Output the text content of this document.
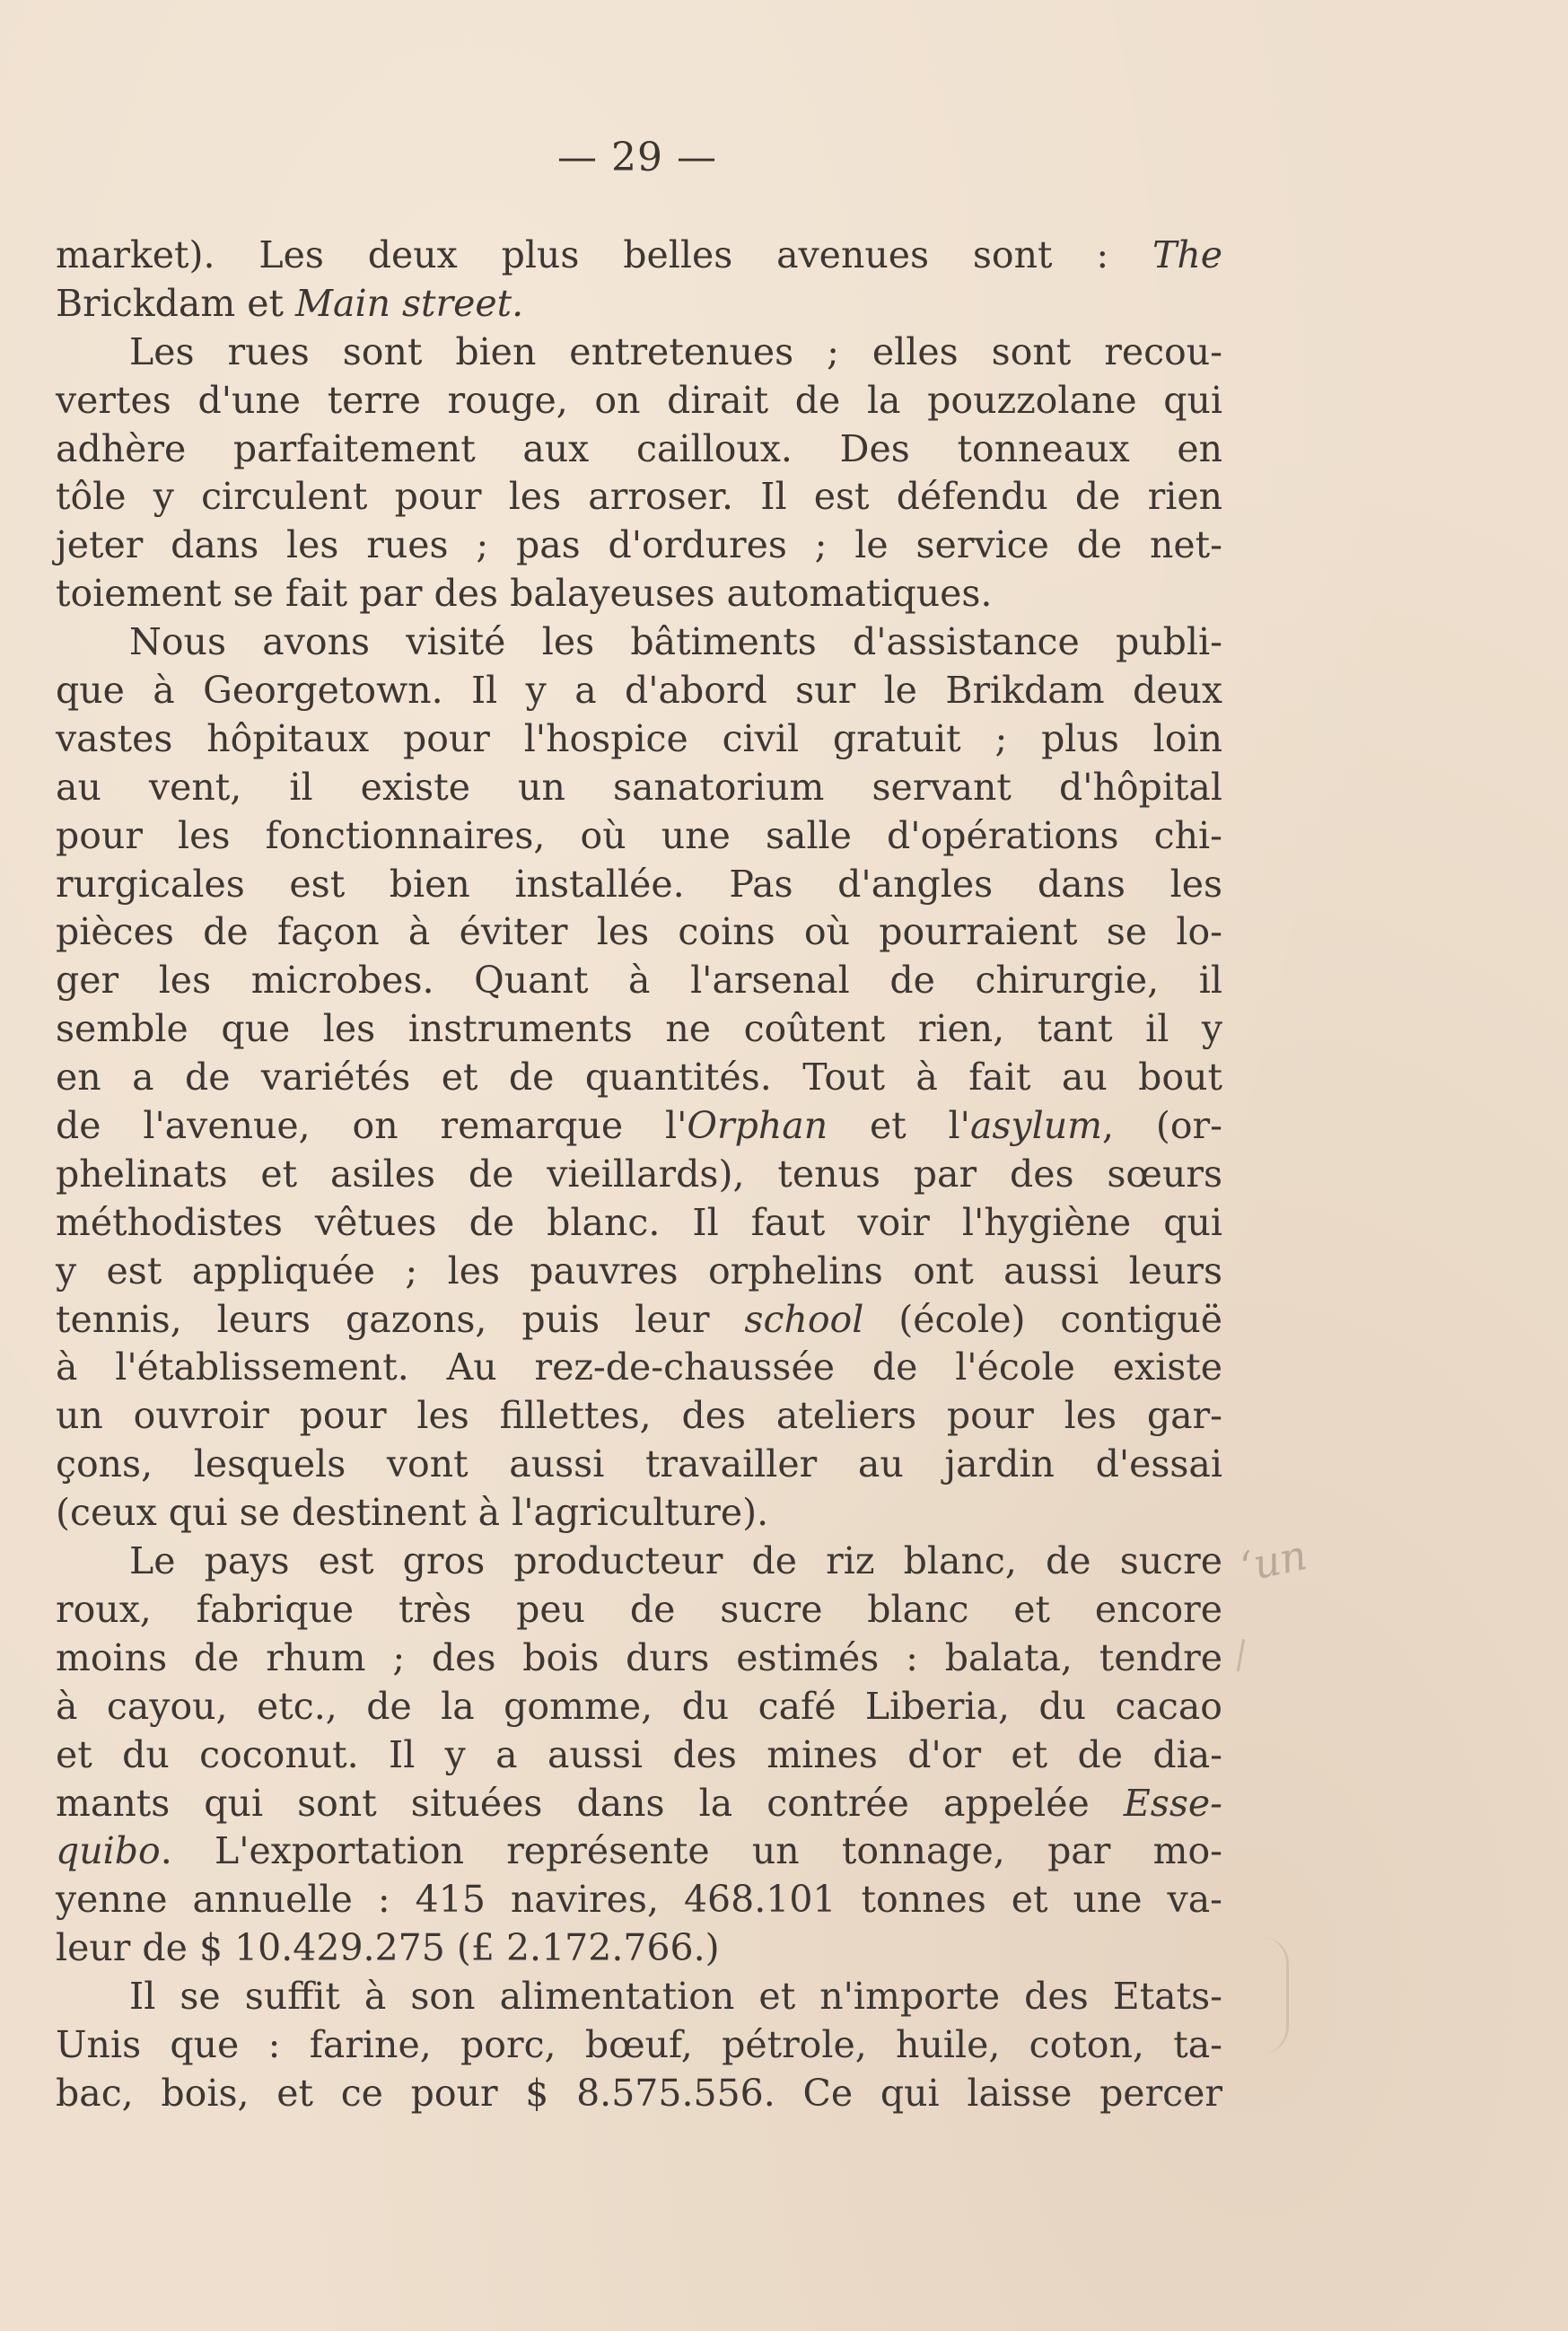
— 29 —
market). Les deux plus belles avenues sont : The
Brickdam et Main street.
  Les rues sont bien entretenues ; elles sont recou-
vertes d'une terre rouge, on dirait de la pouzzolane qui
adhère parfaitement aux cailloux. Des tonneaux en
tôle y circulent pour les arroser. Il est défendu de rien
jeter dans les rues ; pas d'ordures ; le service de net-
toiement se fait par des balayeuses automatiques.
  Nous avons visité les bâtiments d'assistance publi-
que à Georgetown. Il y a d'abord sur le Brikdam deux
vastes hôpitaux pour l'hospice civil gratuit ; plus loin
au vent, il existe un sanatorium servant d'hôpital
pour les fonctionnaires, où une salle d'opérations chi-
rurgicales est bien installée. Pas d'angles dans les
pièces de façon à éviter les coins où pourraient se lo-
ger les microbes. Quant à l'arsenal de chirurgie, il
semble que les instruments ne coûtent rien, tant il y
en a de variétés et de quantités. Tout à fait au bout
de l'avenue, on remarque l'Orphan et l'asylum, (or-
phelinats et asiles de vieillards), tenus par des sœurs
méthodistes vêtues de blanc. Il faut voir l'hygiène qui
y est appliquée ; les pauvres orphelins ont aussi leurs
tennis, leurs gazons, puis leur school (école) contiguë
à l'établissement. Au rez-de-chaussée de l'école existe
un ouvroir pour les fillettes, des ateliers pour les gar-
çons, lesquels vont aussi travailler au jardin d'essai
(ceux qui se destinent à l'agriculture).
  Le pays est gros producteur de riz blanc, de sucre
roux, fabrique très peu de sucre blanc et encore
moins de rhum ; des bois durs estimés : balata, tendre
à cayou, etc., de la gomme, du café Liberia, du cacao
et du coconut. Il y a aussi des mines d'or et de dia-
mants qui sont situées dans la contrée appelée Esse-
quibo. L'exportation représente un tonnage, par mo-
yenne annuelle : 415 navires, 468.101 tonnes et une va-
leur de $ 10.429.275 (£ 2.172.766.)
  Il se suffit à son alimentation et n'importe des Etats-
Unis que : farine, porc, bœuf, pétrole, huile, coton, ta-
bac, bois, et ce pour $ 8.575.556. Ce qui laisse percer
ʻun
